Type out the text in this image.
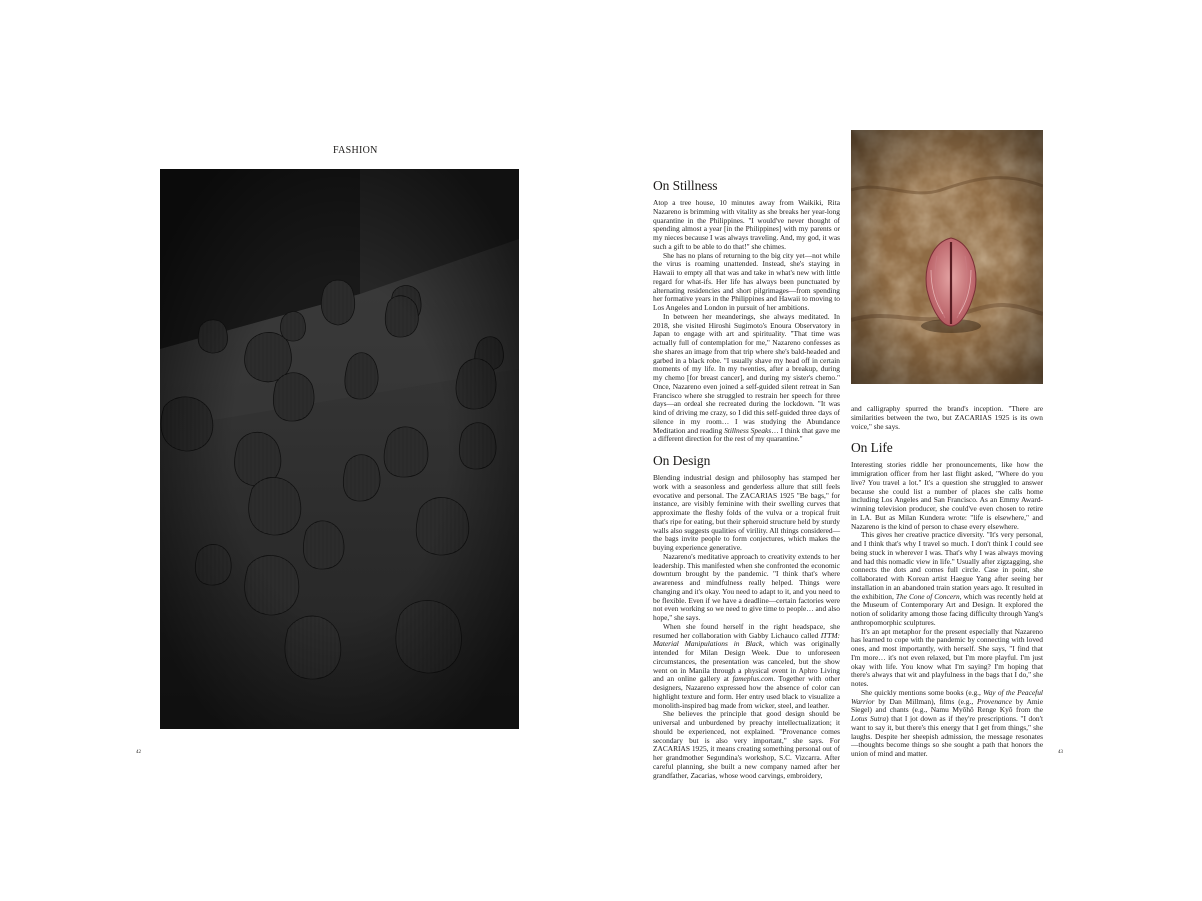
FASHION
On Stillness

Atop a tree house, 10 minutes away from Waikiki, Rita Nazareno is brimming with vitality as she breaks her year-long quarantine in the Philippines. "I would've never thought of spending almost a year [in the Philippines] with my parents or my nieces because I was always traveling. And, my god, it was such a gift to be able to do that!" she chimes.

She has no plans of returning to the big city yet—not while the virus is roaming unattended. Instead, she's staying in Hawaii to empty all that was and take in what's new with little regard for what-ifs. Her life has always been punctuated by alternating residencies and short pilgrimages—from spending her formative years in the Philippines and Hawaii to moving to Los Angeles and London in pursuit of her ambitions.

In between her meanderings, she always meditated. In 2018, she visited Hiroshi Sugimoto's Enoura Observatory in Japan to engage with art and spirituality. "That time was actually full of contemplation for me," Nazareno confesses as she shares an image from that trip where she's bald-headed and garbed in a black robe. "I usually shave my head off in certain moments of my life. In my twenties, after a breakup, during my chemo [for breast cancer], and during my sister's chemo." Once, Nazareno even joined a self-guided silent retreat in San Francisco where she struggled to restrain her speech for three days—an ordeal she recreated during the lockdown. "It was kind of driving me crazy, so I did this self-guided three days of silence in my room… I was studying the Abundance Meditation and reading Stillness Speaks… I think that gave me a different direction for the rest of my quarantine."

On Design

Blending industrial design and philosophy has stamped her work with a seasonless and genderless allure that still feels evocative and personal. The ZACARIAS 1925 "Be bags," for instance, are visibly feminine with their swelling curves that approximate the fleshy folds of the vulva or a tropical fruit that's ripe for eating, but their spheroid structure held by sturdy walls also suggests qualities of virility. All things considered—the bags invite people to form conjectures, which makes the buying experience generative.

Nazareno's meditative approach to creativity extends to her leadership. This manifested when she confronted the economic downturn brought by the pandemic. "I think that's where awareness and mindfulness really helped. Things were changing and it's okay. You need to adapt to it, and you need to be flexible. Even if we have a deadline—certain factories were not even working so we need to give time to people… and also hope," she says.

When she found herself in the right headspace, she resumed her collaboration with Gabby Lichauco called ITTM: Material Manipulations in Black, which was originally intended for Milan Design Week. Due to unforeseen circumstances, the presentation was canceled, but the show went on in Manila through a physical event in Aphro Living and an online gallery at fameplus.com. Together with other designers, Nazareno expressed how the absence of color can highlight texture and form. Her entry used black to visualize a monolith-inspired bag made from wicker, steel, and leather.

She believes the principle that good design should be universal and unburdened by preachy intellectualization; it should be experienced, not explained. "Provenance comes secondary but is also very important," she says. For ZACARIAS 1925, it means creating something personal out of her grandmother Segundina's workshop, S.C. Vizcarra. After careful planning, she built a new company named after her grandfather, Zacarias, whose wood carvings, embroidery,

and calligraphy spurred the brand's inception. "There are similarities between the two, but ZACARIAS 1925 is its own voice," she says.

On Life

Interesting stories riddle her pronouncements, like how the immigration officer from her last flight asked, "Where do you live? You travel a lot." It's a question she struggled to answer because she could list a number of places she calls home including Los Angeles and San Francisco. As an Emmy Award-winning television producer, she could've even chosen to retire in LA. But as Milan Kundera wrote: "life is elsewhere," and Nazareno is the kind of person to chase every elsewhere.

This gives her creative practice diversity. "It's very personal, and I think that's why I travel so much. I don't think I could see being stuck in wherever I was. That's why I was always moving and had this nomadic view in life." Usually after zigzagging, she connects the dots and comes full circle. Case in point, she collaborated with Korean artist Haegue Yang after seeing her installation in an abandoned train station years ago. It resulted in the exhibition, The Cone of Concern, which was recently held at the Museum of Contemporary Art and Design. It explored the notion of solidarity among those facing difficulty through Yang's anthropomorphic sculptures.

It's an apt metaphor for the present especially that Nazareno has learned to cope with the pandemic by connecting with loved ones, and most importantly, with herself. She says, "I find that I'm more… it's not even relaxed, but I'm more playful. I'm just okay with life. You know what I'm saying? I'm hoping that there's always that wit and playfulness in the bags that I do," she notes.

She quickly mentions some books (e.g., Way of the Peaceful Warrior by Dan Millman), films (e.g., Provenance by Amie Siegel) and chants (e.g., Namu Myōhō Renge Kyō from the Lotus Sutra) that I jot down as if they're prescriptions. "I don't want to say it, but there's this energy that I get from things," she laughs. Despite her sheepish admission, the message resonates—thoughts become things so she sought a path that honors the union of mind and matter.

42	43
